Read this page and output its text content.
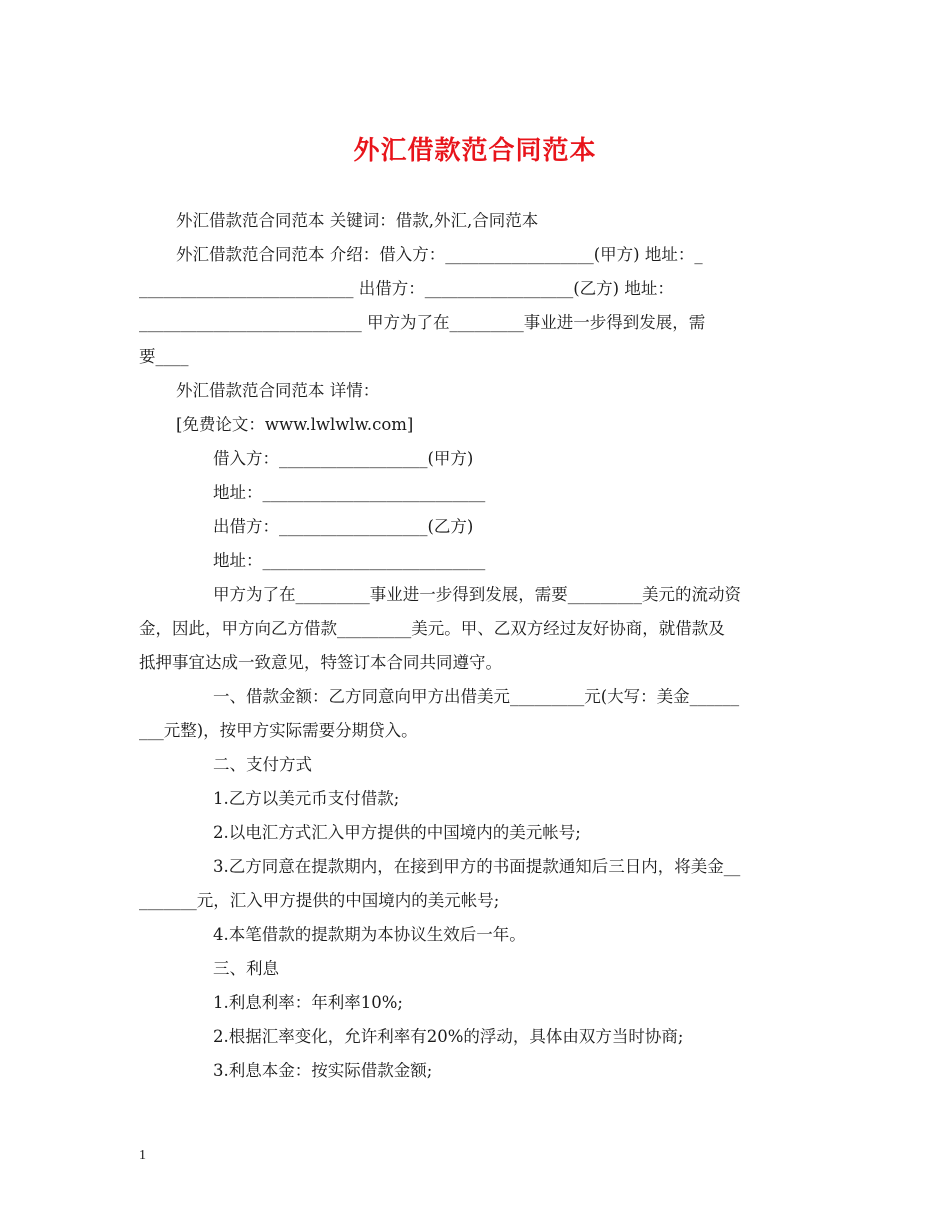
外汇借款范合同范本
外汇借款范合同范本 关键词：借款,外汇,合同范本
外汇借款范合同范本 介绍：借入方：__________________(甲方) 地址：_
__________________________ 出借方：__________________(乙方) 地址：
___________________________ 甲方为了在_________事业进一步得到发展，需
要____
外汇借款范合同范本 详情：
[免费论文：www.lwlwlw.com]
借入方：__________________(甲方)
地址：___________________________
出借方：__________________(乙方)
地址：___________________________
甲方为了在_________事业进一步得到发展，需要_________美元的流动资
金，因此，甲方向乙方借款_________美元。甲、乙双方经过友好协商，就借款及
抵押事宜达成一致意见，特签订本合同共同遵守。
一、借款金额：乙方同意向甲方出借美元_________元(大写：美金______
___元整)，按甲方实际需要分期贷入。
二、支付方式
1.乙方以美元币支付借款;
2.以电汇方式汇入甲方提供的中国境内的美元帐号;
3.乙方同意在提款期内，在接到甲方的书面提款通知后三日内，将美金__
_______元，汇入甲方提供的中国境内的美元帐号;
4.本笔借款的提款期为本协议生效后一年。
三、利息
1.利息利率：年利率10%;
2.根据汇率变化，允许利率有20%的浮动，具体由双方当时协商;
3.利息本金：按实际借款金额;
1
